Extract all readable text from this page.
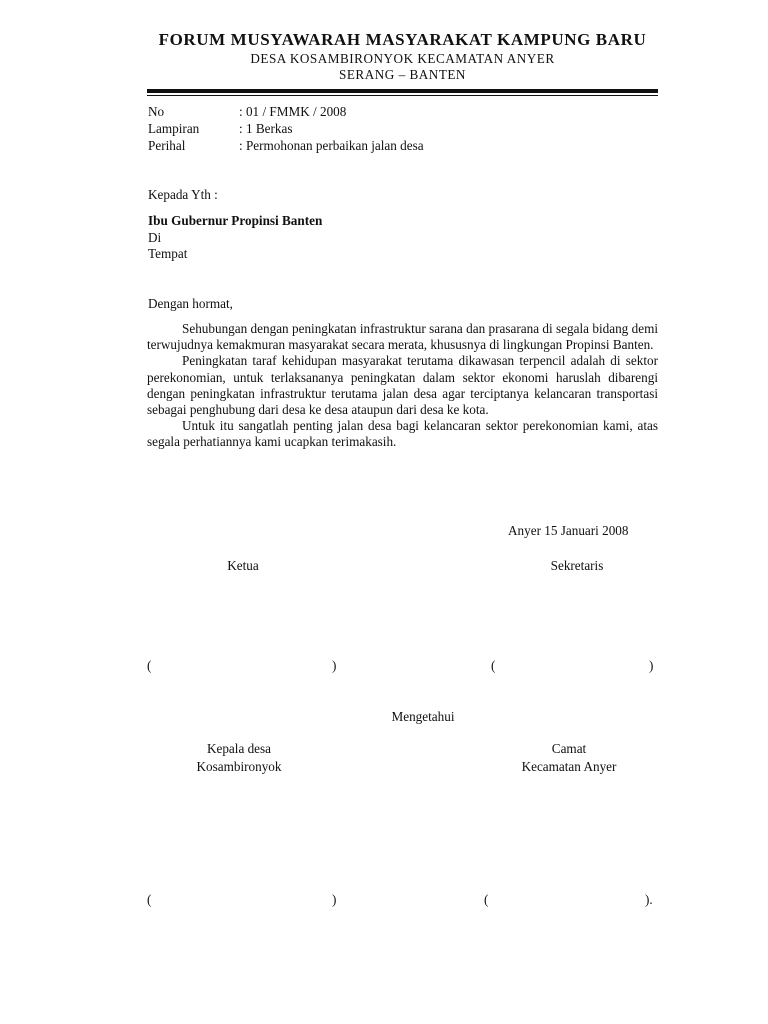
FORUM MUSYAWARAH MASYARAKAT KAMPUNG BARU
DESA KOSAMBIRONYOK KECAMATAN ANYER
SERANG – BANTEN
No	: 01 / FMMK / 2008
Lampiran	: 1 Berkas
Perihal	: Permohonan perbaikan jalan desa
Kepada Yth :
Ibu Gubernur Propinsi Banten
Di
Tempat
Dengan hormat,

Sehubungan dengan peningkatan infrastruktur sarana dan prasarana di segala bidang demi terwujudnya kemakmuran masyarakat secara merata, khususnya di lingkungan Propinsi Banten.

Peningkatan taraf kehidupan masyarakat terutama dikawasan terpencil adalah di sektor perekonomian, untuk terlaksananya peningkatan dalam sektor ekonomi haruslah dibarengi dengan peningkatan infrastruktur terutama jalan desa agar terciptanya kelancaran transportasi sebagai penghubung dari desa ke desa ataupun dari desa ke kota.

Untuk itu sangatlah penting jalan desa bagi kelancaran sektor perekonomian kami, atas segala perhatiannya kami ucapkan terimakasih.

Anyer 15 Januari 2008
Ketua	Sekretaris
(	)	(	)
Mengetahui
Kepala desa
Kosambironyok
Camat
Kecamatan Anyer
(	)	(	).
